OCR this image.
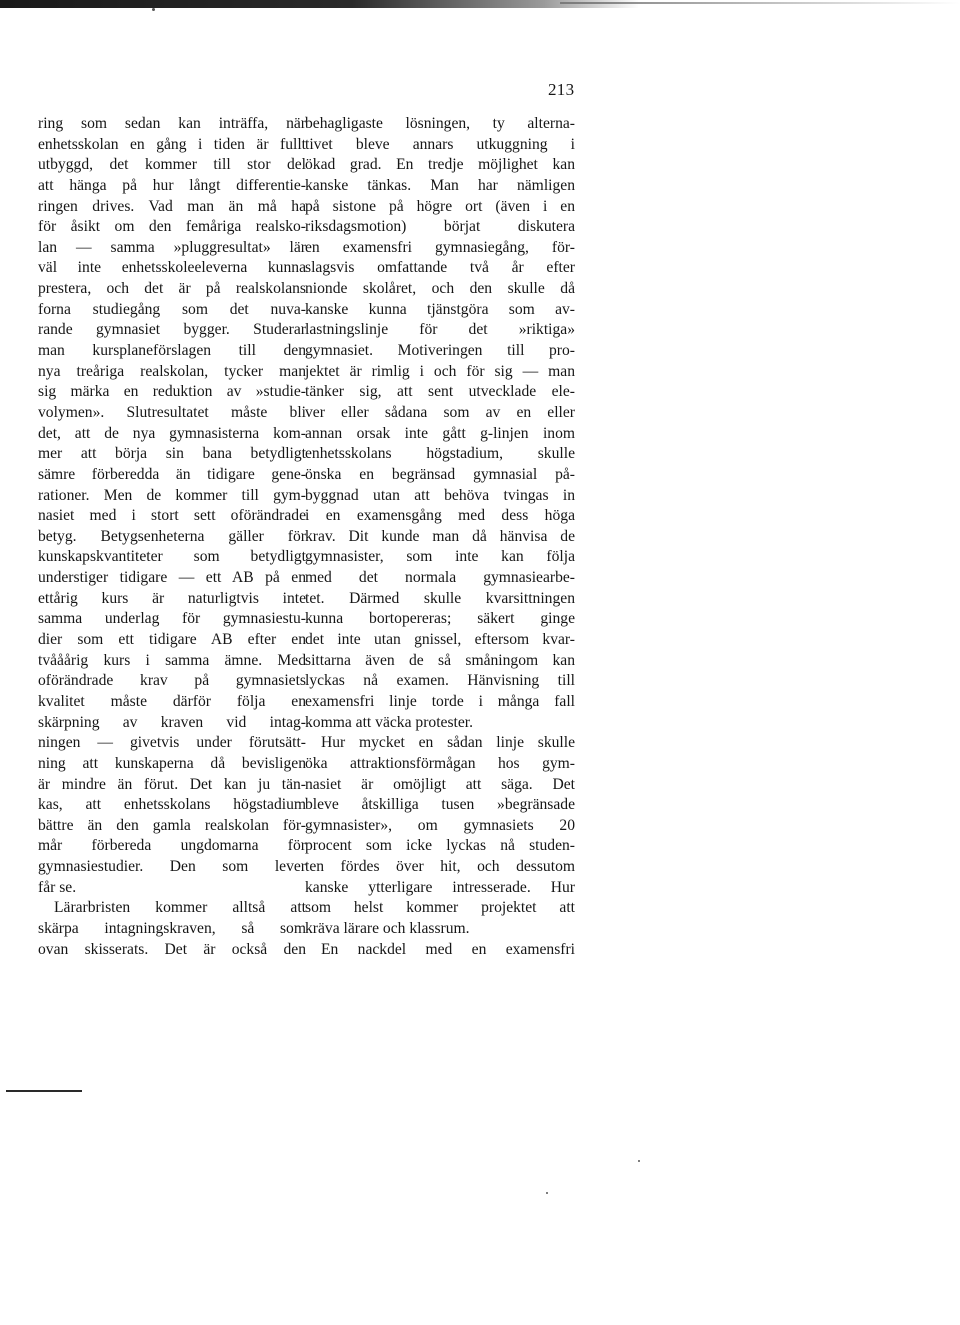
213
ring som sedan kan inträffa, när
enhetsskolan en gång i tiden är fullt
utbyggd, det kommer till stor del
att hänga på hur långt differentie-
ringen drives. Vad man än må ha
för åsikt om den femåriga realsko-
lan — samma »pluggresultat» lär
väl inte enhetsskoleeleverna kunna
prestera, och det är på realskolans
forna studiegång som det nuva-
rande gymnasiet bygger. Studerar
man kursplaneförslagen till den
nya treåriga realskolan, tycker man
sig märka en reduktion av »studie-
volymen». Slutresultatet måste bli
det, att de nya gymnasisterna kom-
mer att börja sin bana betydligt
sämre förberedda än tidigare gene-
rationer. Men de kommer till gym-
nasiet med i stort sett oförändrade
betyg. Betygsenheterna gäller för
kunskapskvantiteter som betydligt
understiger tidigare — ett AB på en
ettårig kurs är naturligtvis inte
samma underlag för gymnasiestu-
dier som ett tidigare AB efter en
tvååårig kurs i samma ämne. Med
oförändrade krav på gymnasiets
kvalitet måste därför följa en
skärpning av kraven vid intag-
ningen — givetvis under förutsätt-
ning att kunskaperna då bevisligen
är mindre än förut. Det kan ju tän-
kas, att enhetsskolans högstadium
bättre än den gamla realskolan för-
mår förbereda ungdomarna för
gymnasiestudier. Den som lever
får se.
Lärarbristen kommer alltså att
skärpa intagningskraven, så som
ovan skisserats. Det är också den
behagligaste lösningen, ty alterna-
tivet bleve annars utkuggning i
ökad grad. En tredje möjlighet kan
kanske tänkas. Man har nämligen
på sistone på högre ort (även i en
riksdagsmotion) börjat diskutera
en examensfri gymnasiegång, för-
slagsvis omfattande två år efter
nionde skolåret, och den skulle då
kanske kunna tjänstgöra som av-
lastningslinje för det »riktiga»
gymnasiet. Motiveringen till pro-
jektet är rimlig i och för sig — man
tänker sig, att sent utvecklade ele-
ver eller sådana som av en eller
annan orsak inte gått g-linjen inom
enhetsskolans högstadium, skulle
önska en begränsad gymnasial på-
byggnad utan att behöva tvingas in
i en examensgång med dess höga
krav. Dit kunde man då hänvisa de
gymnasister, som inte kan följa
med det normala gymnasiearbe-
tet. Därmed skulle kvarsittningen
kunna bortopereras; säkert ginge
det inte utan gnissel, eftersom kvar-
sittarna även de så småningom kan
lyckas nå examen. Hänvisning till
examensfri linje torde i många fall
komma att väcka protester.
Hur mycket en sådan linje skulle
öka attraktionsförmågan hos gym-
nasiet är omöjligt att säga. Det
bleve åtskilliga tusen »begränsade
gymnasister», om gymnasiets 20
procent som icke lyckas nå studen-
ten fördes över hit, och dessutom
kanske ytterligare intresserade. Hur
som helst kommer projektet att
kräva lärare och klassrum.
En nackdel med en examensfri
